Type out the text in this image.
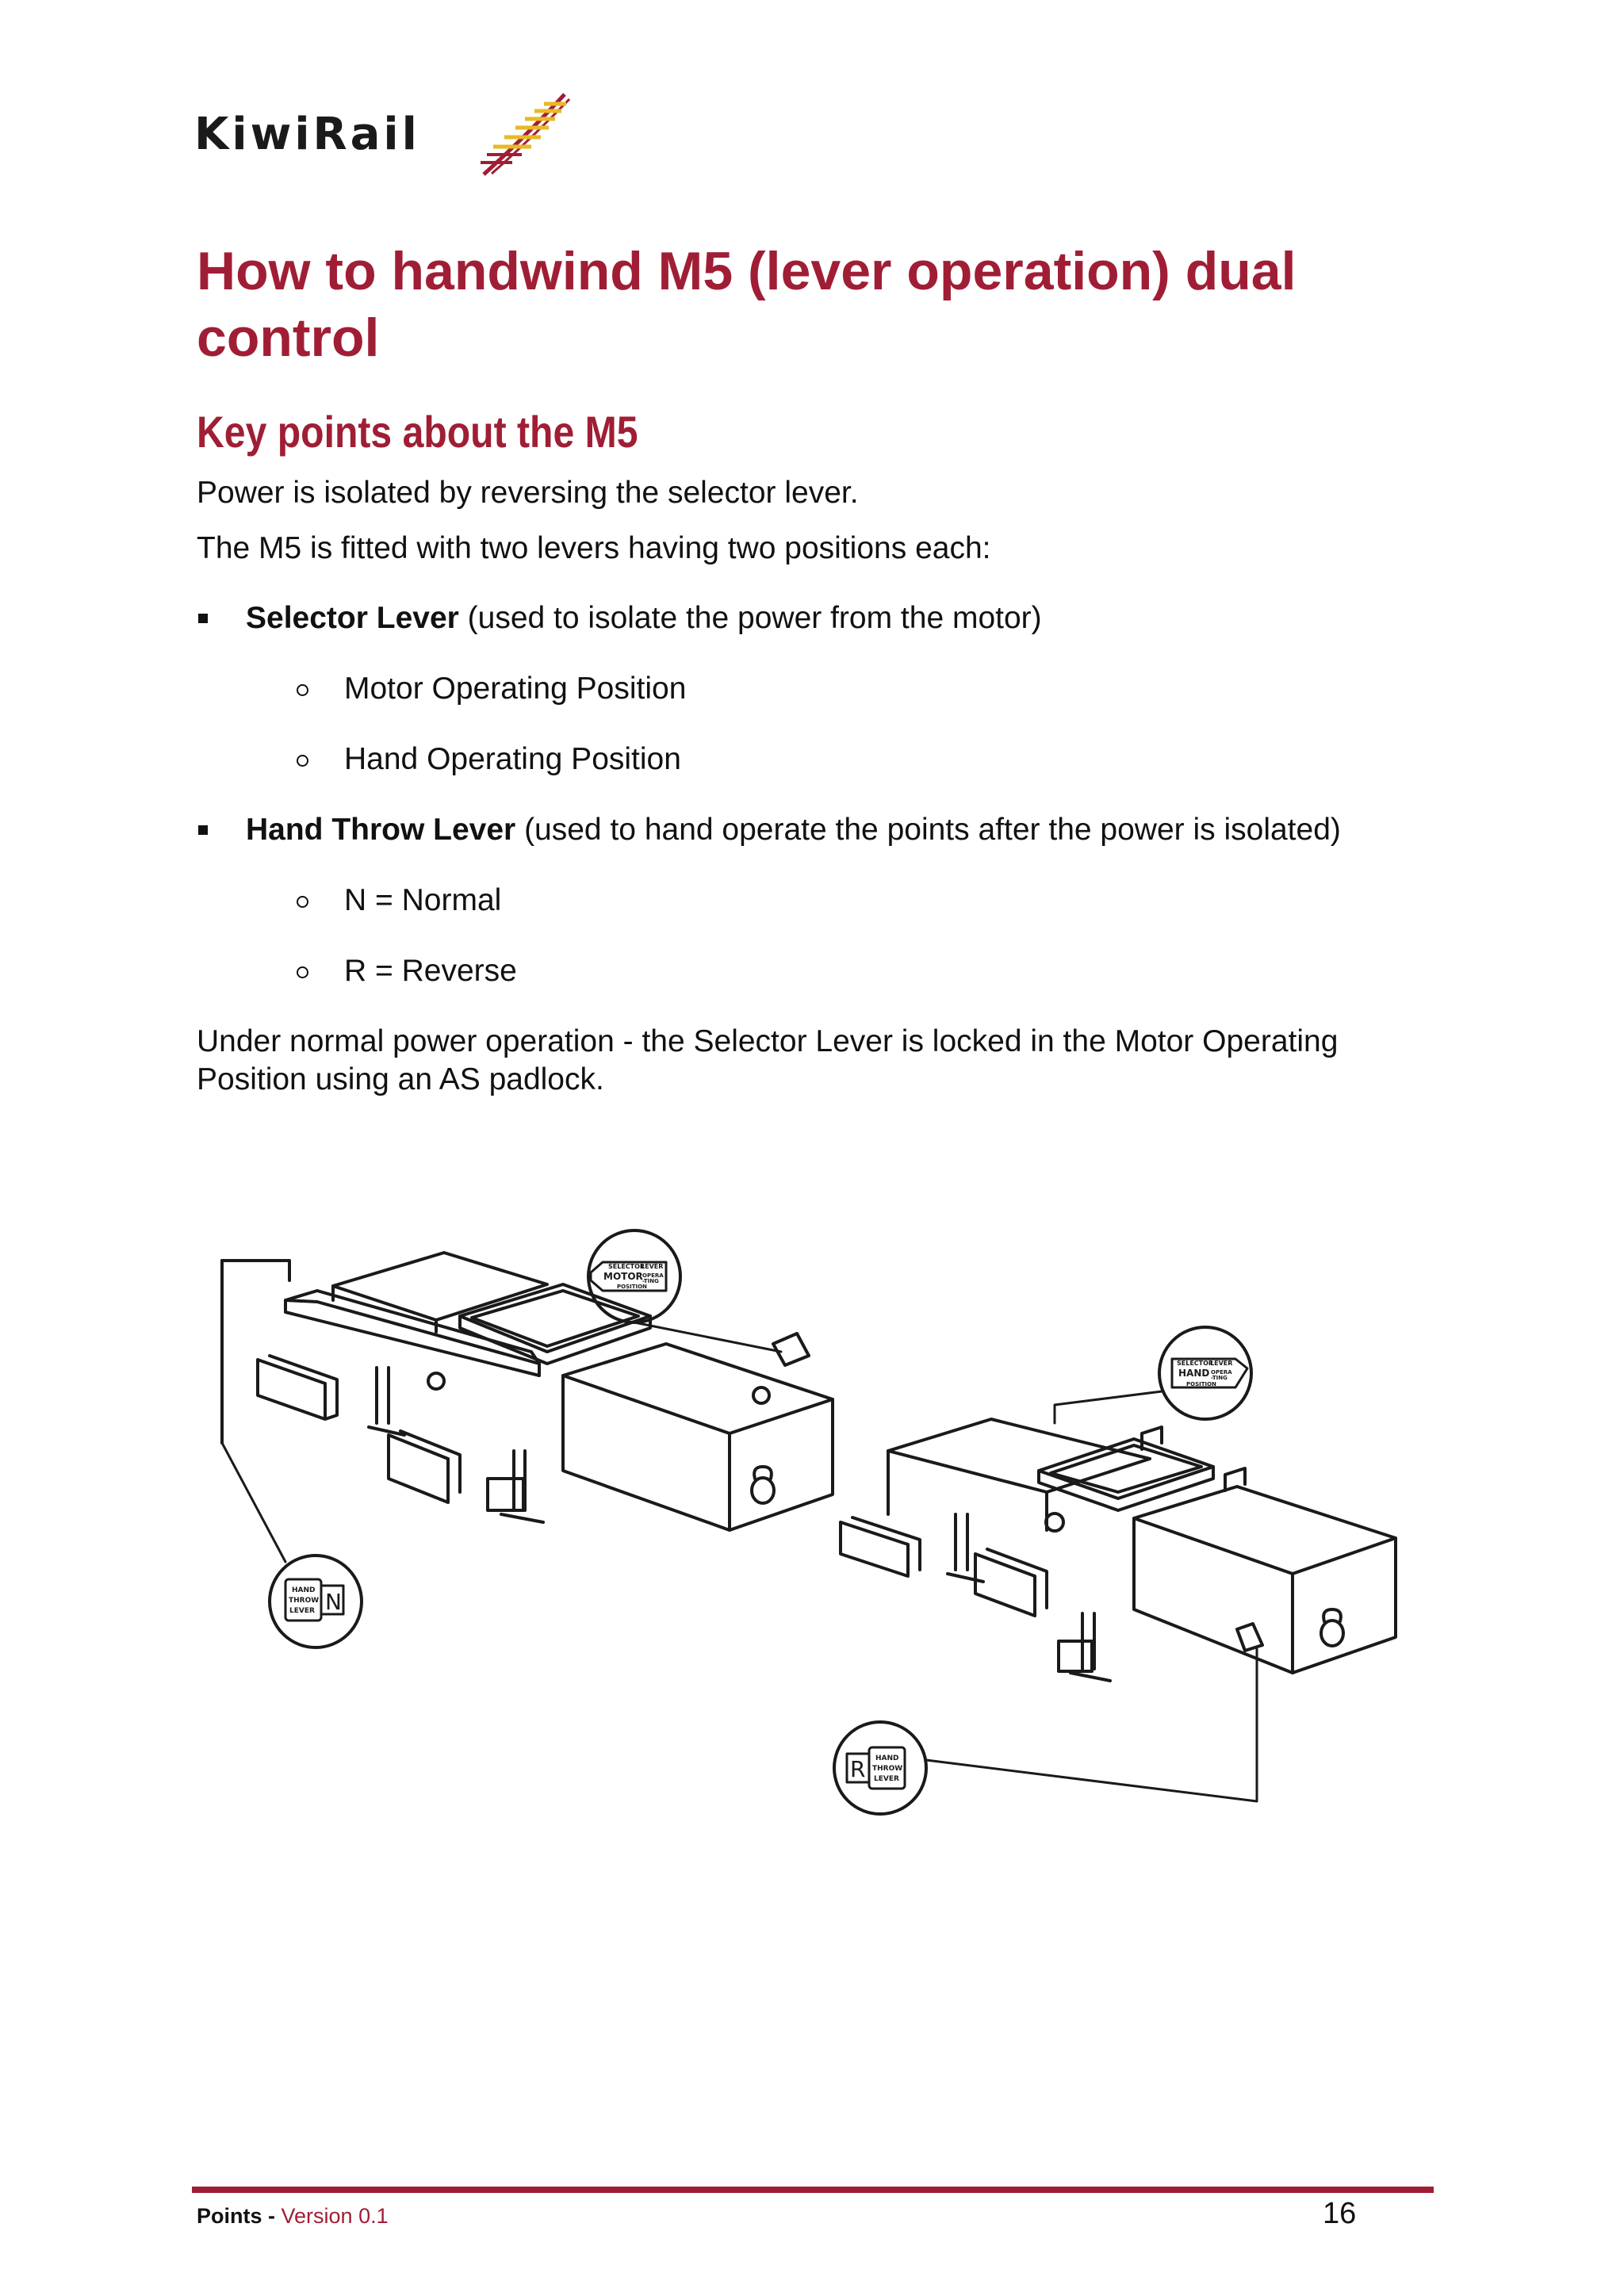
KiwiRail
How to handwind M5 (lever operation) dual control
Key points about the M5

Power is isolated by reversing the selector lever.

The M5 is fitted with two levers having two positions each:

Selector Lever (used to isolate the power from the motor)
Motor Operating Position
Hand Operating Position
Hand Throw Lever (used to hand operate the points after the power is isolated)
N = Normal
R = Reverse

Under normal power operation - the Selector Lever is locked in the Motor Operating Position using an AS padlock.

SELECTOR
LEVER
MOTOR OPERA
-TING
POSITION
HAND
THROW
LEVER N
SELECTOR
LEVER
HAND OPERA
-TING
POSITION
R HAND
THROW
LEVER
Points - Version 0.1	16
